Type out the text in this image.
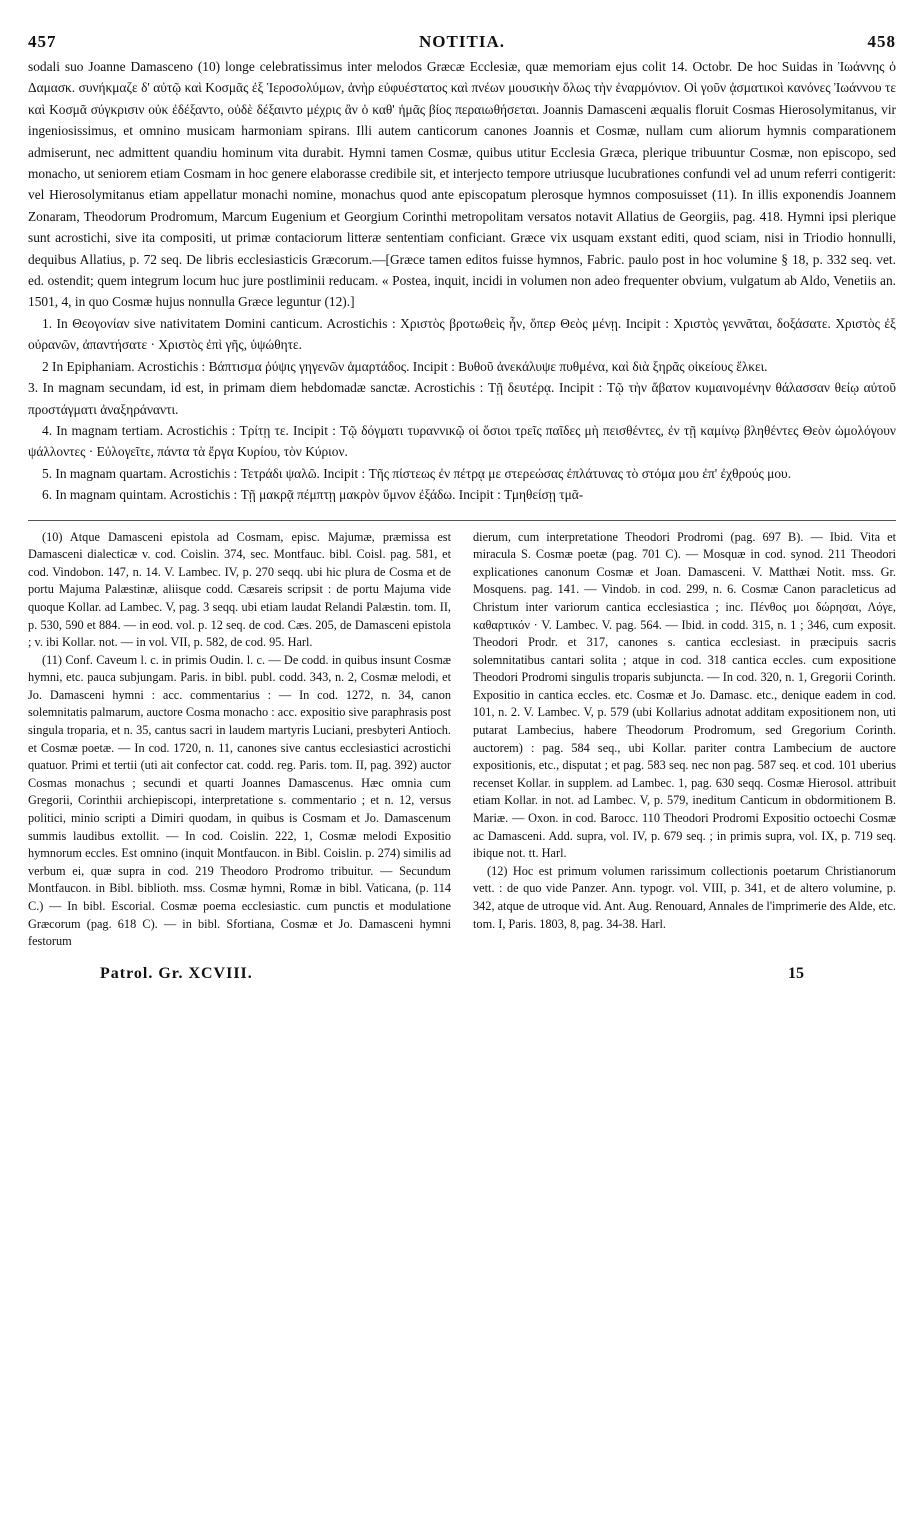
457	NOTITIA.	458

sodali suo Joanne Damasceno (10) longe celebratissimus inter melodos Græcæ Ecclesiæ, quæ memoriam ejus colit 14. Octobr. De hoc Suidas in Ἰωάννης ὁ Δαμασκ. συνήκμαζε δ' αὐτῷ καὶ Κοσμᾶς ἐξ Ἱεροσολύμων, ἀνὴρ εὐφυέστατος καὶ πνέων μουσικὴν ὅλως τὴν ἐναρμόνιον. Οἱ γοῦν ᾀσματικοὶ κανόνες Ἰωάννου τε καὶ Κοσμᾶ σύγκρισιν οὐκ ἐδέξαντο, οὐδὲ δέξαιντο μέχρις ἂν ὁ καθ' ἡμᾶς βίος περαιωθήσεται. Joannis Damasceni æqualis floruit Cosmas Hierosolymitanus, vir ingeniosissimus, et omnino musicam harmoniam spirans. Illi autem canticorum canones Joannis et Cosmæ, nullam cum aliorum hymnis comparationem admiserunt, nec admittent quandiu hominum vita durabit. Hymni tamen Cosmæ, quibus utitur Ecclesia Græca, plerique tribuuntur Cosmæ, non episcopo, sed monacho, ut seniorem etiam Cosmam in hoc genere elaborasse credibile sit, et interjecto tempore utriusque lucubrationes confundi vel ad unum referri contigerit: vel Hierosolymitanus etiam appellatur monachi nomine, monachus quod ante episcopatum plerosque hymnos composuisset (11). In illis exponendis Joannem Zonaram, Theodorum Prodromum, Marcum Eugenium et Georgium Corinthi metropolitam versatos notavit Allatius de Georgiis, pag. 418. Hymni ipsi plerique sunt acrostichi, sive ita compositi, ut primæ contaciorum litteræ sententiam conficiant. Græce vix usquam exstant editi, quod sciam, nisi in Triodio honnulli, dequibus Allatius, p. 72 seq. De libris ecclesiasticis Græcorum.—[Græce tamen editos fuisse hymnos, Fabric. paulo post in hoc volumine § 18, p. 332 seq. vet. ed. ostendit; quem integrum locum huc jure postliminii reducam. « Postea, inquit, incidi in volumen non adeo frequenter obvium, vulgatum ab Aldo, Venetiis an. 1501, 4, in quo Cosmæ hujus nonnulla Græce leguntur (12).]

1. In Θεογονίαν sive nativitatem Domini canticum. Acrostichis : Χριστὸς βροτωθεὶς ἦν, ὅπερ Θεὸς μένῃ. Incipit : Χριστὸς γεννᾶται, δοξάσατε. Χριστὸς ἐξ οὐρανῶν, ἀπαντήσατε · Χριστὸς ἐπὶ γῆς, ὑψώθητε.

2 In Epiphaniam. Acrostichis : Βάπτισμα ῥύψις γηγενῶν ἁμαρτάδος. Incipit : Βυθοῦ ἀνεκάλυψε πυθμένα, καὶ διὰ ξηρᾶς οἰκείους ἕλκει.

3. In magnam secundam, id est, in primam diem hebdomadæ sanctæ. Acrostichis : Τῇ δευτέρᾳ. Incipit : Τῷ τὴν ἄβατον κυμαινομένην θάλασσαν θείῳ αὐτοῦ προστάγματι ἀναξηράναντι.

4. In magnam tertiam. Acrostichis : Τρίτῃ τε. Incipit : Τῷ δόγματι τυραννικῷ οἱ ὅσιοι τρεῖς παῖδες μὴ πεισθέντες, ἐν τῇ καμίνῳ βληθέντες Θεὸν ὡμολόγουν ψάλλοντες · Εὐλογεῖτε, πάντα τὰ ἔργα Κυρίου, τὸν Κύριον.

5. In magnam quartam. Acrostichis : Τετράδι ψαλῶ. Incipit : Τῆς πίστεως ἐν πέτρᾳ με στερεώσας ἐπλάτυνας τὸ στόμα μου ἐπ' ἐχθρούς μου.

6. In magnam quintam. Acrostichis : Τῇ μακρᾷ πέμπτῃ μακρὸν ὕμνον ἐξάδω. Incipit : Τμηθείσῃ τμᾶ-

(10) Atque Damasceni epistola ad Cosmam, episc. Majumæ, præmissa est Damasceni dialecticæ v. cod. Coislin. 374, sec. Montfauc. bibl. Coisl. pag. 581, et cod. Vindobon. 147, n. 14. V. Lambec. IV, p. 270 seqq. ubi hic plura de Cosma et de portu Majuma Palæstinæ, aliisque codd. Cæsareis scripsit : de portu Majuma vide quoque Kollar. ad Lambec. V, pag. 3 seqq. ubi etiam laudat Relandi Palæstin. tom. II, p. 530, 590 et 884. — in eod. vol. p. 12 seq. de cod. Cæs. 205, de Damasceni epistola ; v. ibi Kollar. not. — in vol. VII, p. 582, de cod. 95. Harl.

(11) Conf. Caveum l. c. in primis Oudin. l. c. — De codd. in quibus insunt Cosmæ hymni, etc. pauca subjungam. Paris. in bibl. publ. codd. 343, n. 2, Cosmæ melodi, et Jo. Damasceni hymni : acc. commentarius : — In cod. 1272, n. 34, canon solemnitatis palmarum, auctore Cosma monacho : acc. expositio sive paraphrasis post singula troparia, et n. 35, cantus sacri in laudem martyris Luciani, presbyteri Antioch. et Cosmæ poetæ. — In cod. 1720, n. 11, canones sive cantus ecclesiastici acrostichi quatuor. Primi et tertii (uti ait confector cat. codd. reg. Paris. tom. II, pag. 392) auctor Cosmas monachus ; secundi et quarti Joannes Damascenus. Hæc omnia cum Gregorii, Corinthii archiepiscopi, interpretatione s. commentario ; et n. 12, versus politici, minio scripti a Dimiri quodam, in quibus is Cosmam et Jo. Damascenum summis laudibus extollit. — In cod. Coislin. 222, 1, Cosmæ melodi Expositio hymnorum eccles. Est omnino (inquit Montfaucon. in Bibl. Coislin. p. 274) similis ad verbum ei, quæ supra in cod. 219 Theodoro Prodromo tribuitur. — Secundum Montfaucon. in Bibl. biblioth. mss. Cosmæ hymni, Romæ in bibl. Vaticana, (p. 114 C.) — In bibl. Escorial. Cosmæ poema ecclesiastic. cum punctis et modulatione Græcorum (pag. 618 C). — in bibl. Sfortiana, Cosmæ et Jo. Damasceni hymni festorum

dierum, cum interpretatione Theodori Prodromi (pag. 697 B). — Ibid. Vita et miracula S. Cosmæ poetæ (pag. 701 C). — Mosquæ in cod. synod. 211 Theodori explicationes canonum Cosmæ et Joan. Damasceni. V. Matthæi Notit. mss. Gr. Mosquens. pag. 141. — Vindob. in cod. 299, n. 6. Cosmæ Canon paracleticus ad Christum inter variorum cantica ecclesiastica ; inc. Πένθος μοι δώρησαι, Λόγε, καθαρτικόν · V. Lambec. V. pag. 564. — Ibid. in codd. 315, n. 1 ; 346, cum exposit. Theodori Prodr. et 317, canones s. cantica ecclesiast. in præcipuis sacris solemnitatibus cantari solita ; atque in cod. 318 cantica eccles. cum expositione Theodori Prodromi singulis troparis subjuncta. — In cod. 320, n. 1, Gregorii Corinth. Expositio in cantica eccles. etc. Cosmæ et Jo. Damasc. etc., denique eadem in cod. 101, n. 2. V. Lambec. V, p. 579 (ubi Kollarius adnotat additam expositionem non, uti putarat Lambecius, habere Theodorum Prodromum, sed Gregorium Corinth. auctorem) : pag. 584 seq., ubi Kollar. pariter contra Lambecium de auctore expositionis, etc., disputat ; et pag. 583 seq. nec non pag. 587 seq. et cod. 101 uberius recenset Kollar. in supplem. ad Lambec. 1, pag. 630 seqq. Cosmæ Hierosol. attribuit etiam Kollar. in not. ad Lambec. V, p. 579, ineditum Canticum in obdormitionem B. Mariæ. — Oxon. in cod. Barocc. 110 Theodori Prodromi Expositio octoechi Cosmæ ac Damasceni. Add. supra, vol. IV, p. 679 seq. ; in primis supra, vol. IX, p. 719 seq. ibique not. tt. Harl.

(12) Hoc est primum volumen rarissimum collectionis poetarum Christianorum vett. : de quo vide Panzer. Ann. typogr. vol. VIII, p. 341, et de altero volumine, p. 342, atque de utroque vid. Ant. Aug. Renouard, Annales de l'imprimerie des Alde, etc. tom. I, Paris. 1803, 8, pag. 34-38. Harl.

Patrol. Gr. XCVIII.	15
